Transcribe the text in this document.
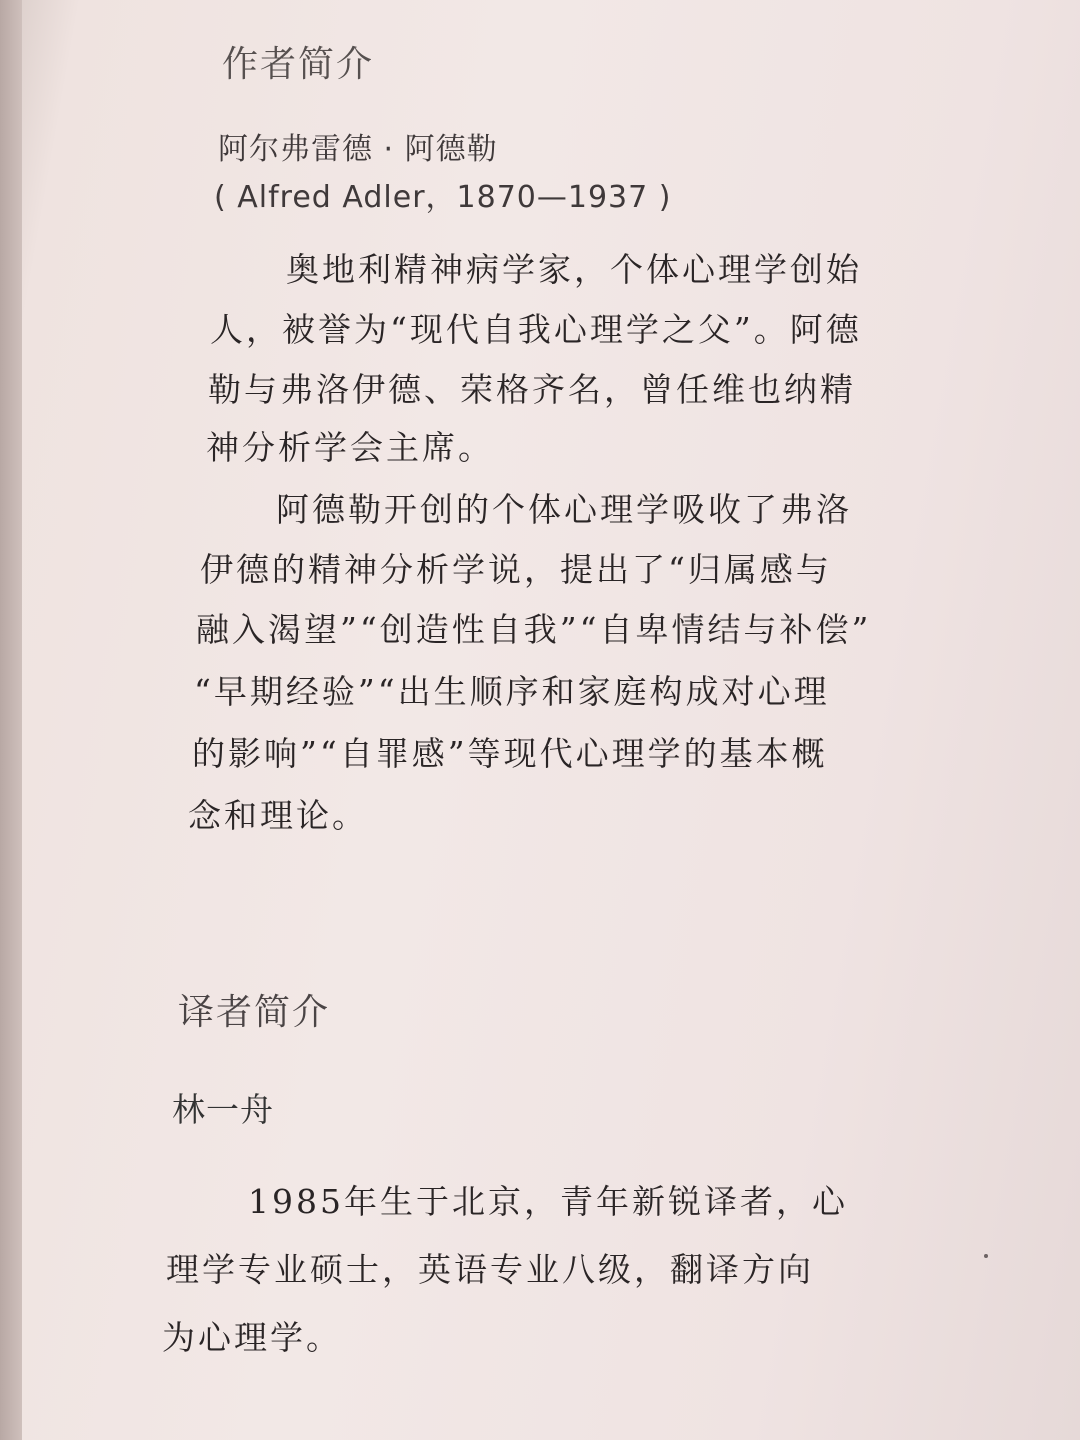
作者简介
阿尔弗雷德 · 阿德勒
( Alfred Adler，1870—1937 )
奥地利精神病学家，个体心理学创始
人，被誉为“现代自我心理学之父”。阿德
勒与弗洛伊德、荣格齐名，曾任维也纳精
神分析学会主席。
阿德勒开创的个体心理学吸收了弗洛
伊德的精神分析学说，提出了“归属感与
融入渴望”“创造性自我”“自卑情结与补偿”
“早期经验”“出生顺序和家庭构成对心理
的影响”“自罪感”等现代心理学的基本概
念和理论。
译者简介
林一舟
1985年生于北京，青年新锐译者，心
理学专业硕士，英语专业八级，翻译方向
为心理学。
